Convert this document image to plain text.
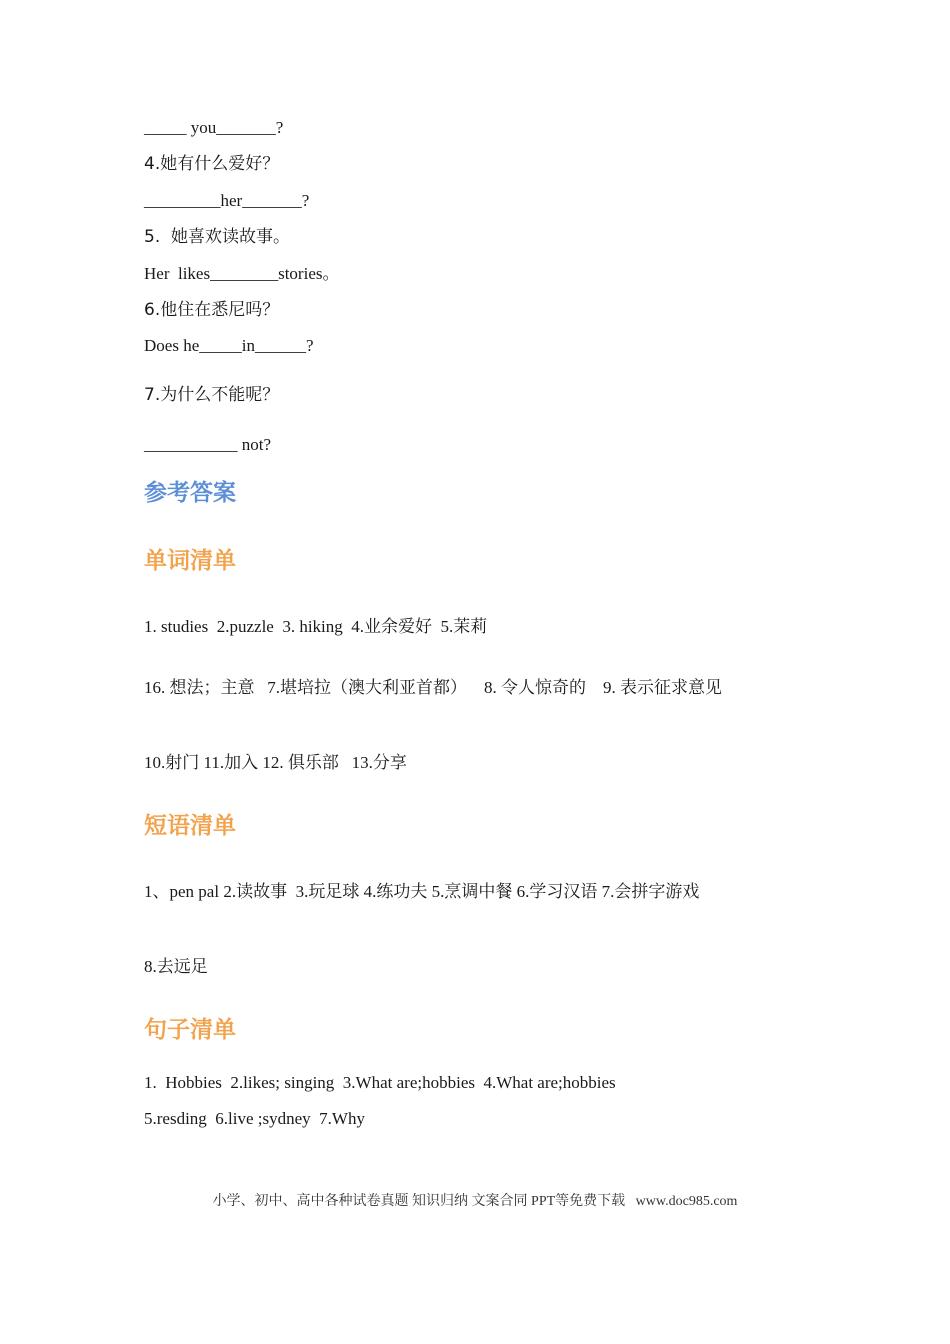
_____ you_______?
4.她有什么爱好？
_________her_______?
5.  她喜欢读故事。
Her  likes________stories。
6.他住在悉尼吗？
Does he_____in______?
7.为什么不能呢？
___________ not?
参考答案
单词清单
1. studies  2.puzzle  3. hiking  4.业余爱好  5.茉莉
16. 想法；主意   7.堪培拉（澳大利亚首都）    8. 令人惊奇的    9. 表示征求意见
10.射门 11.加入 12. 俱乐部   13.分享
短语清单
1、pen pal 2.读故事  3.玩足球 4.练功夫 5.烹调中餐 6.学习汉语 7.会拼字游戏
8.去远足
句子清单
1.  Hobbies  2.likes; singing  3.What are;hobbies  4.What are;hobbies
5.resding  6.live ;sydney  7.Why
小学、初中、高中各种试卷真题 知识归纳 文案合同 PPT等免费下载   www.doc985.com
